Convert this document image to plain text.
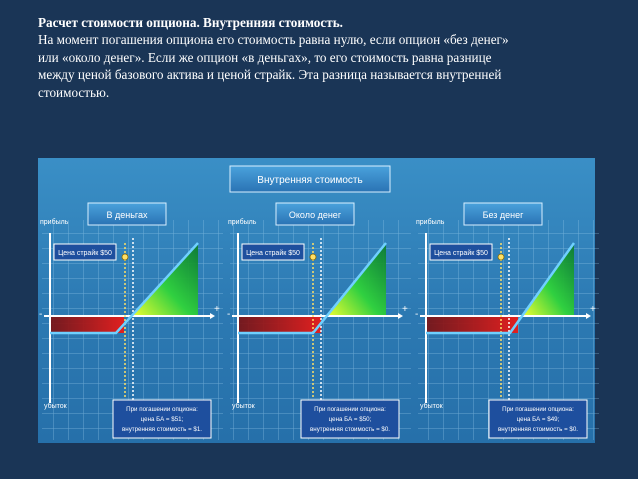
Расчет стоимости опциона. Внутренняя стоимость.
На момент погашения опциона его стоимость равна нулю, если опцион «без денег»
или «около денег». Если же опцион «в деньгах», то его стоимость равна разнице
между ценой базового актива и ценой страйк. Эта разница называется внутренней
стоимостью.
Внутренняя стоимость
+
-
прибыль
убыток
В деньгах
Цена страйк $50
При погашении опциона:
цена БА = $51;
внутренняя стоимость = $1.
+
-
прибыль
убыток
Около денег
Цена страйк $50
При погашении опциона:
цена БА = $50;
внутренняя стоимость = $0.
+
-
прибыль
убыток
Без денег
Цена страйк $50
При погашении опциона:
цена БА = $49;
внутренняя стоимость = $0.
